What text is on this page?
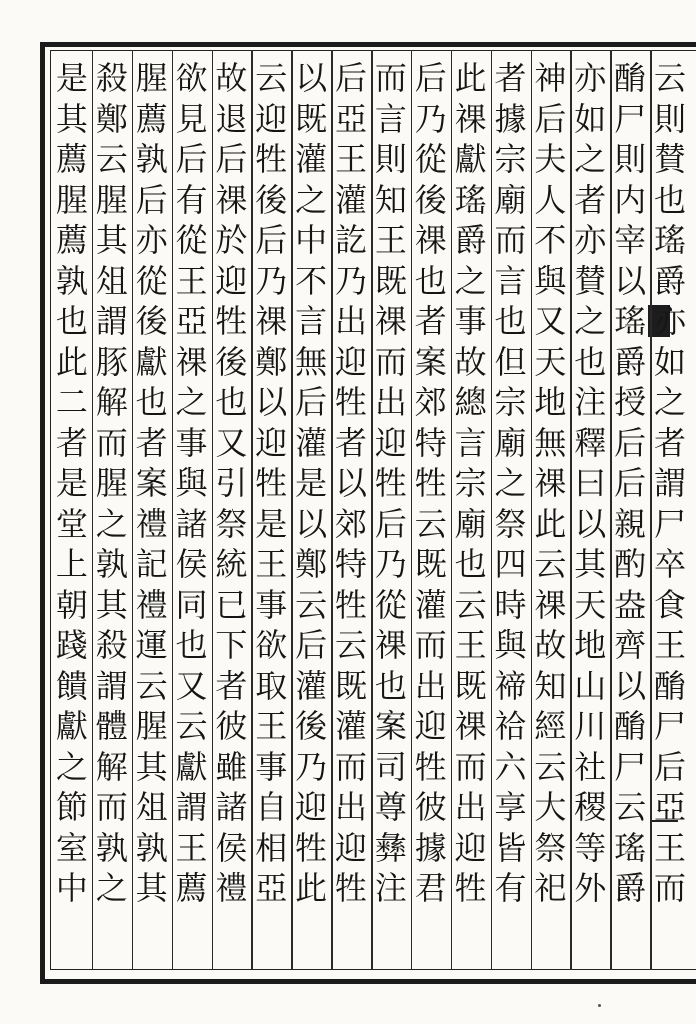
云
則
賛
也
瑤
爵
亦
如
之
者
謂
尸
卒
食
王
酳
尸
后
亞
王
而
酳
尸
則
内
宰
以
瑤
爵
授
后
后
親
酌
盎
齊
以
酳
尸
云
瑤
爵
亦
如
之
者
亦
賛
之
也
注
釋
曰
以
其
天
地
山
川
社
稷
等
外
神
后
夫
人
不
與
又
天
地
無
祼
此
云
祼
故
知
經
云
大
祭
祀
者
據
宗
廟
而
言
也
但
宗
廟
之
祭
四
時
與
禘
祫
六
享
皆
有
此
祼
獻
瑤
爵
之
事
故
總
言
宗
廟
也
云
王
既
祼
而
出
迎
牲
后
乃
從
後
祼
也
者
案
郊
特
牲
云
既
灌
而
出
迎
牲
彼
據
君
而
言
則
知
王
既
祼
而
出
迎
牲
后
乃
從
祼
也
案
司
尊
彝
注
后
亞
王
灌
訖
乃
出
迎
牲
者
以
郊
特
牲
云
既
灌
而
出
迎
牲
以
既
灌
之
中
不
言
無
后
灌
是
以
鄭
云
后
灌
後
乃
迎
牲
此
云
迎
牲
後
后
乃
祼
鄭
以
迎
牲
是
王
事
欲
取
王
事
自
相
亞
故
退
后
祼
於
迎
牲
後
也
又
引
祭
統
已
下
者
彼
雖
諸
侯
禮
欲
見
后
有
從
王
亞
祼
之
事
與
諸
侯
同
也
又
云
獻
謂
王
薦
腥
薦
孰
后
亦
從
後
獻
也
者
案
禮
記
禮
運
云
腥
其
俎
孰
其
殺
鄭
云
腥
其
俎
謂
豚
解
而
腥
之
孰
其
殺
謂
體
解
而
孰
之
是
其
薦
腥
薦
孰
也
此
二
者
是
堂
上
朝
踐
饋
獻
之
節
室
中
